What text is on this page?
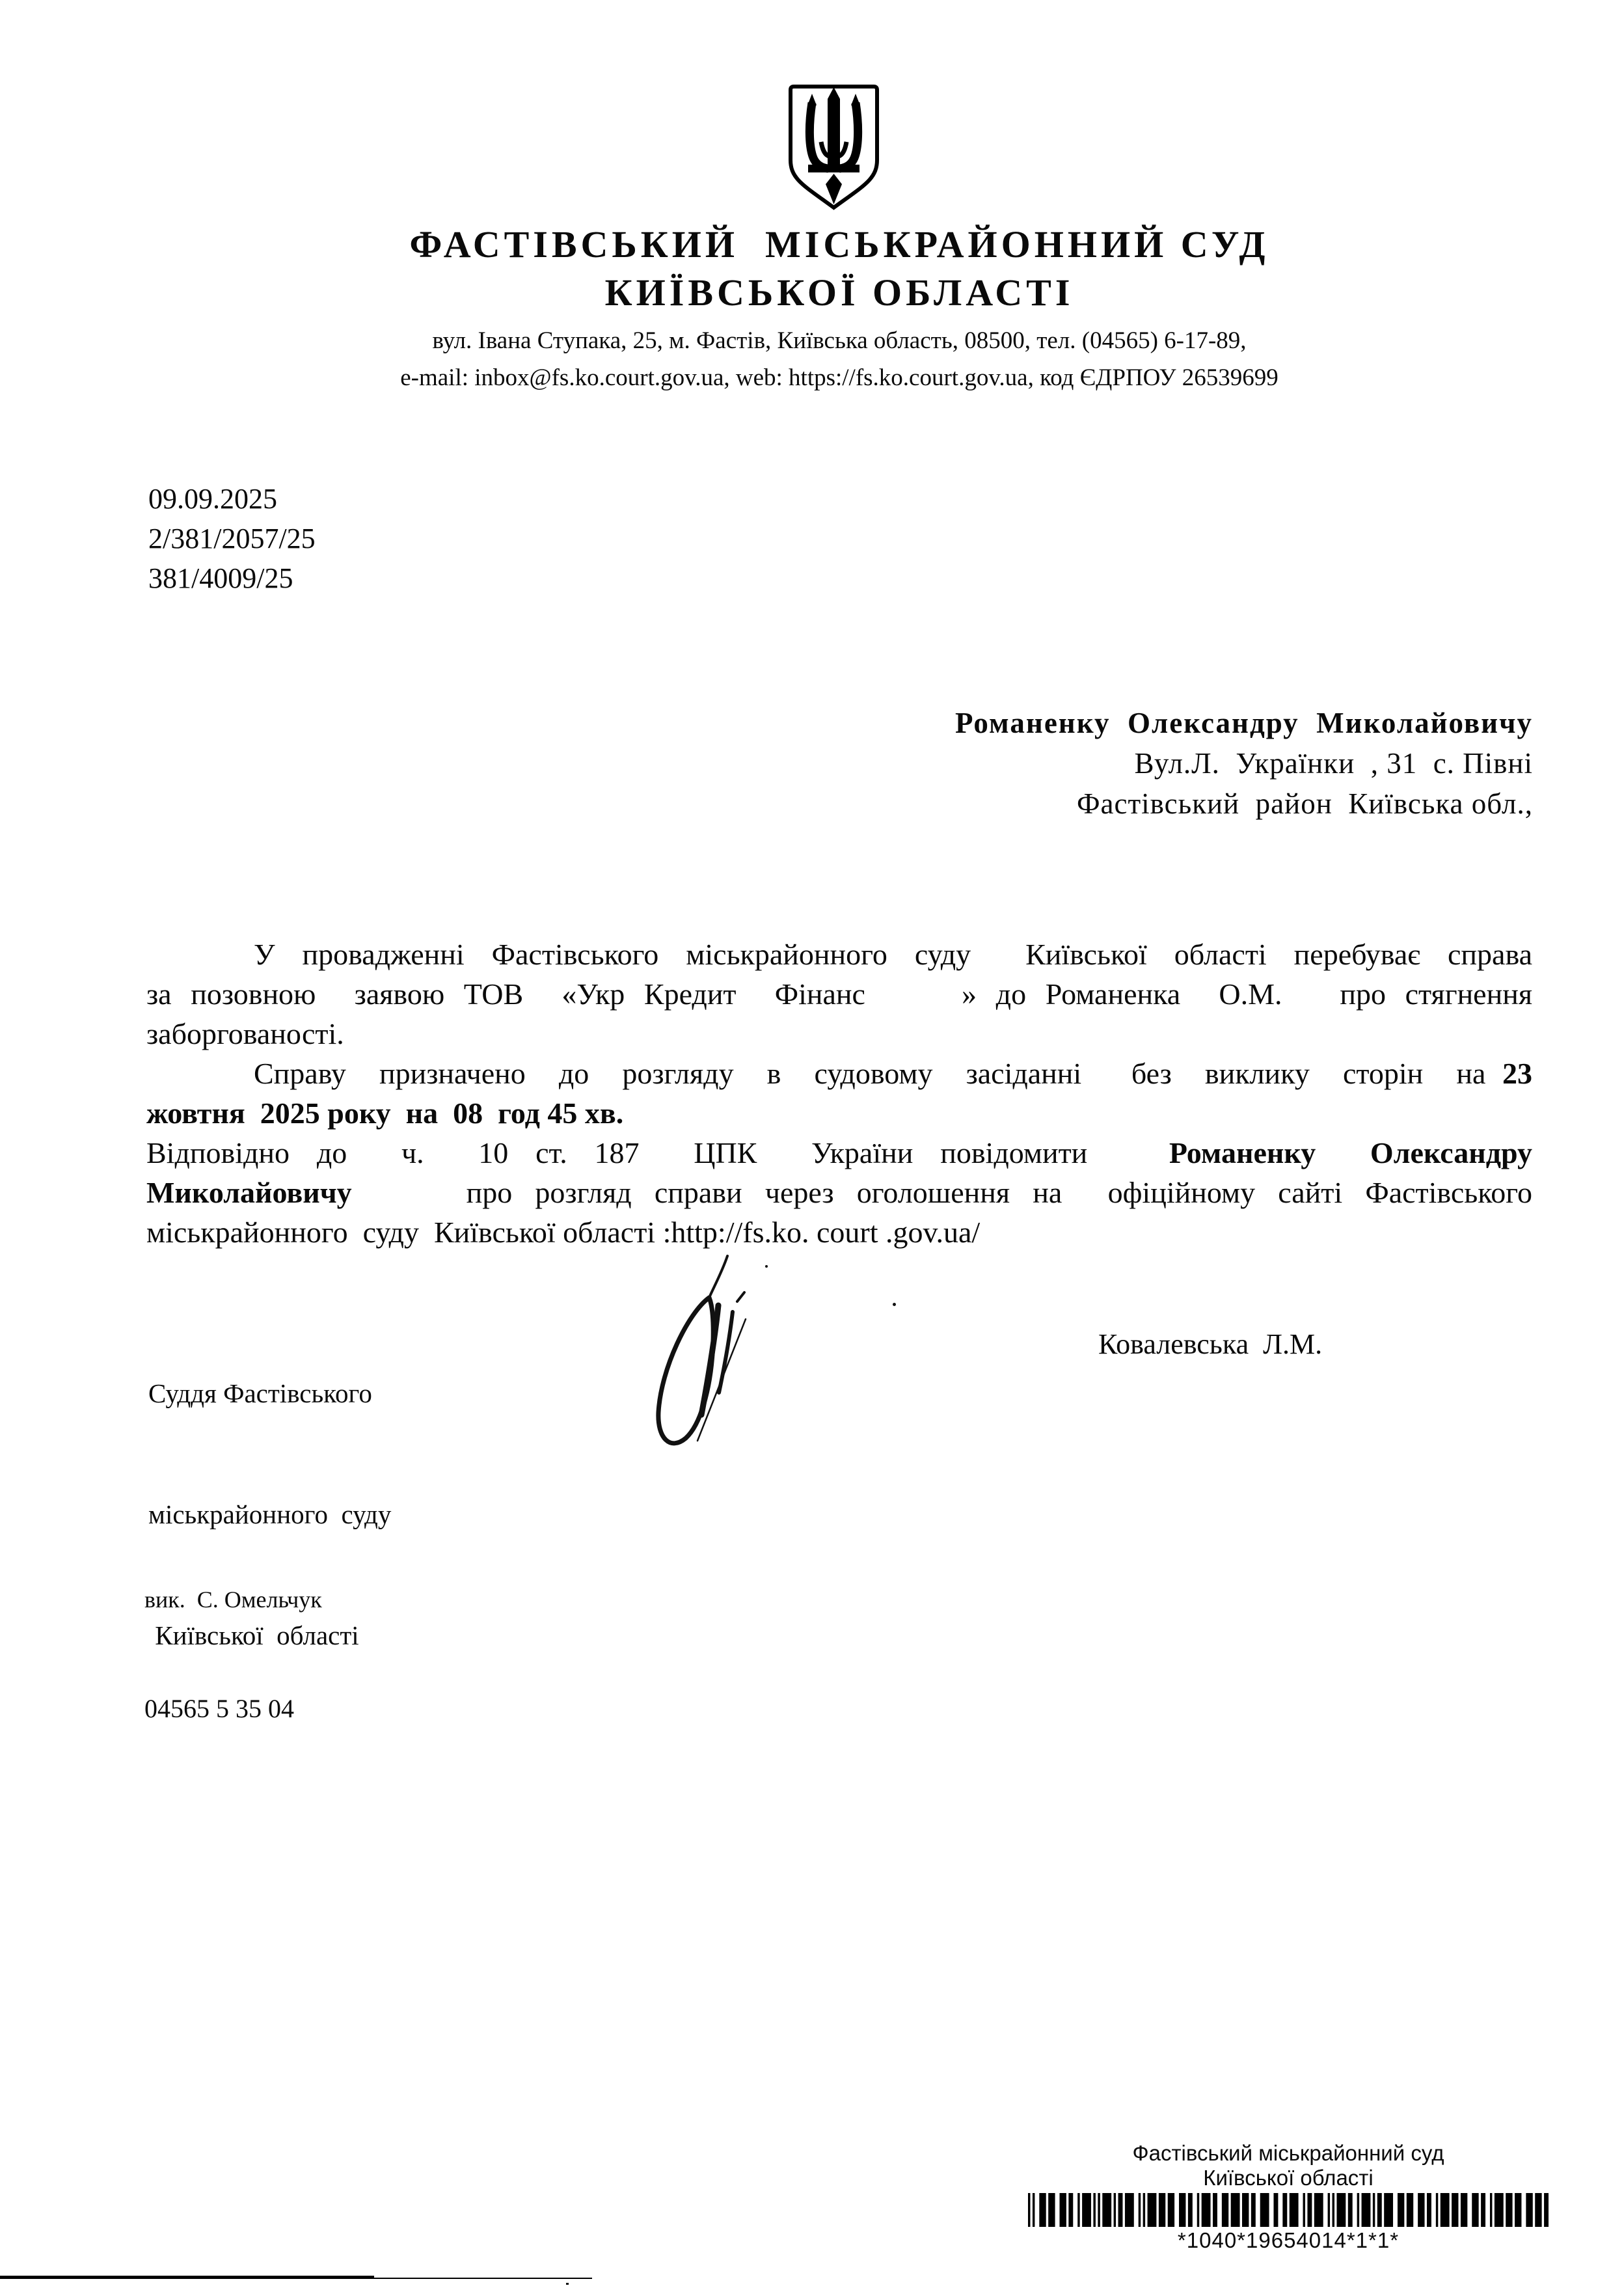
ФАСТІВСЬКИЙ  МІСЬКРАЙОННИЙ СУД
КИЇВСЬКОЇ ОБЛАСТІ
вул. Івана Ступака, 25, м. Фастів, Київська область, 08500, тел. (04565) 6-17-89,
e-mail: inbox@fs.ko.court.gov.ua, web: https://fs.ko.court.gov.ua, код ЄДРПОУ 26539699
09.09.2025
2/381/2057/25
381/4009/25
Романенку  Олександру  Миколайовичу
Вул.Л.  Українки  , 31  с. Півні
Фастівський  район  Київська обл.,
У провадженні Фастівського міськрайонного суду  Київської області перебуває справа
за позовною  заявою ТОВ  «Укр Кредит  Фінанс     » до Романенка  О.М.   про стягнення
заборгованості.
Справу  призначено  до  розгляду  в  судовому  засіданні   без  виклику  сторін  на 23
жовтня  2025 року  на  08  год 45 хв.
Відповідно до  ч.  10 ст. 187  ЦПК  України повідомити   Романенку  Олександру
Миколайовичу     про розгляд справи через оголошення на  офіційному сайті Фастівського
міськрайонного  суду  Київської області :http://fs.ko. court .gov.ua/

Суддя Фастівського

міськрайонного  суду

Київської  області

Ковалевська  Л.М.

вик.  С. Омельчук

04565 5 35 04

Фастівський міськрайонний суд
Київської області
*1040*19654014*1*1*
